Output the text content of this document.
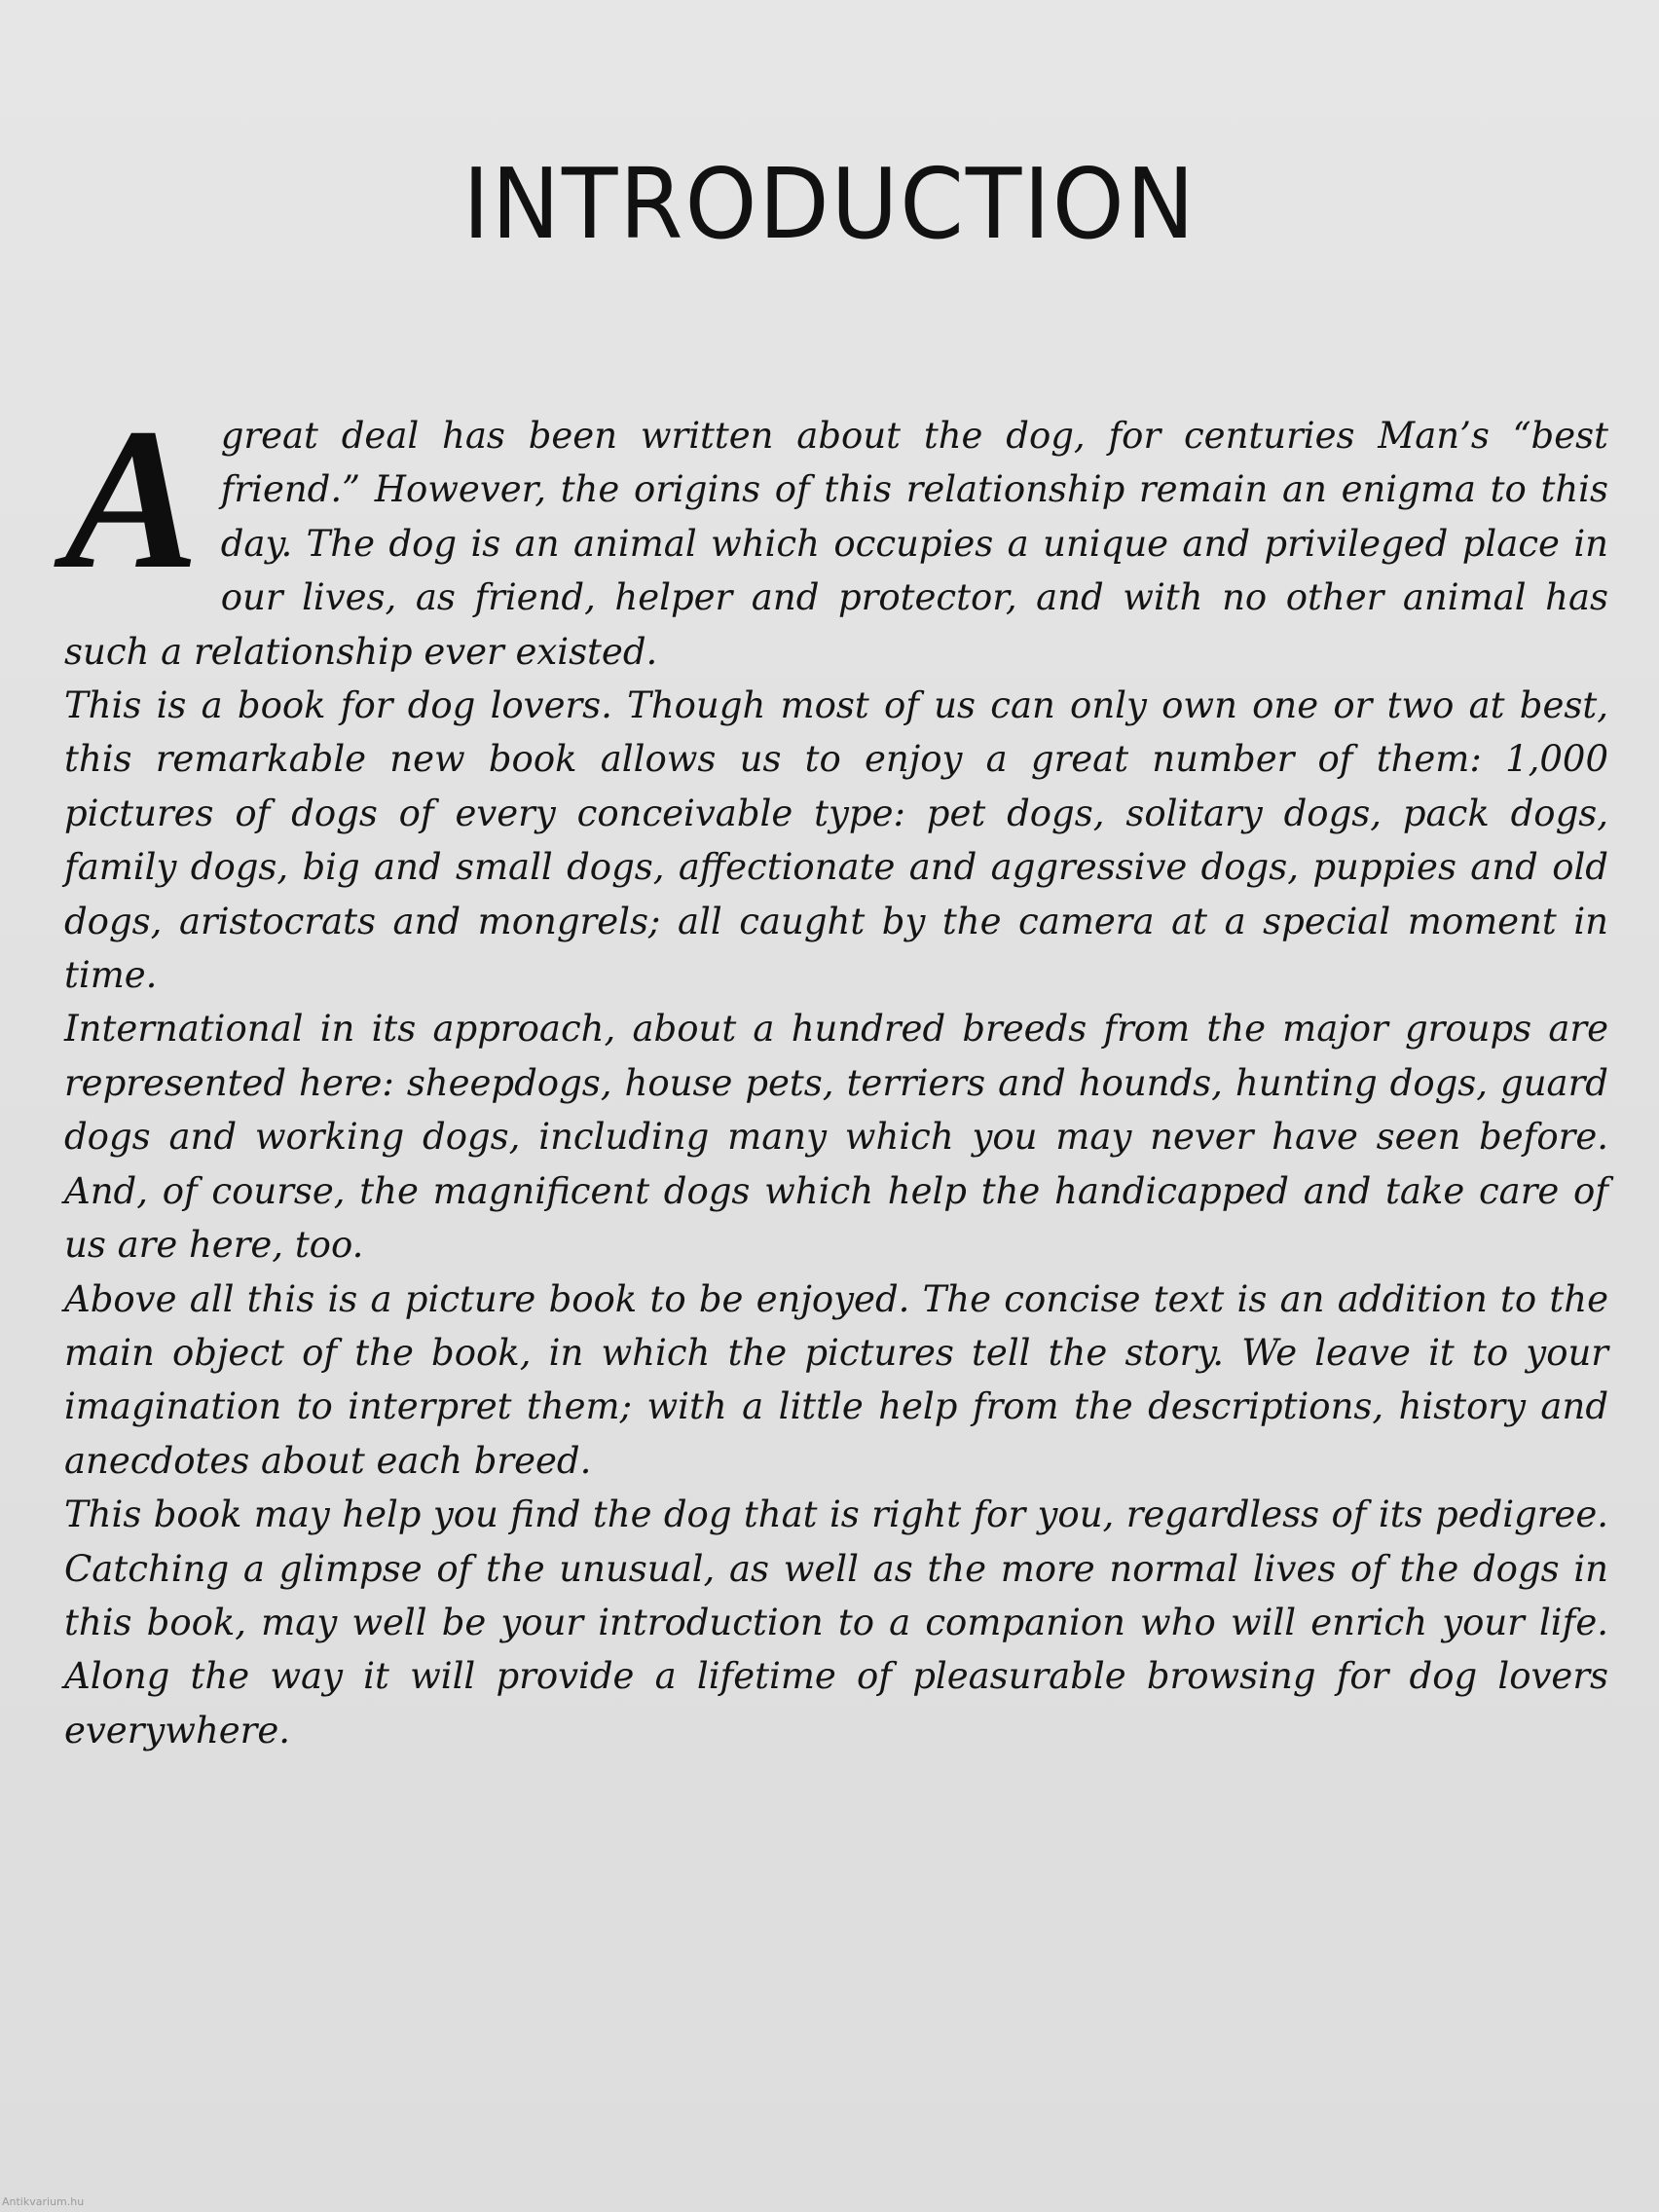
INTRODUCTION

Agreat deal has been written about the dog, for centuries Man’s “best friend.” However, the origins of this relationship remain an enigma to this day. The dog is an animal which occupies a unique and privileged place in our lives, as friend, helper and protector, and with no other animal has such a relationship ever existed.

This is a book for dog lovers. Though most of us can only own one or two at best, this remarkable new book allows us to enjoy a great number of them: 1,000 pictures of dogs of every conceivable type: pet dogs, solitary dogs, pack dogs, family dogs, big and small dogs, affectionate and aggressive dogs, puppies and old dogs, aristocrats and mongrels; all caught by the camera at a special moment in time.

International in its approach, about a hundred breeds from the major groups are represented here: sheepdogs, house pets, terriers and hounds, hunting dogs, guard dogs and working dogs, including many which you may never have seen before. And, of course, the magnificent dogs which help the handicapped and take care of us are here, too.

Above all this is a picture book to be enjoyed. The concise text is an addition to the main object of the book, in which the pictures tell the story. We leave it to your imagination to interpret them; with a little help from the descriptions, history and anecdotes about each breed.

This book may help you find the dog that is right for you, regardless of its pedigree. Catching a glimpse of the unusual, as well as the more normal lives of the dogs in this book, may well be your introduction to a companion who will enrich your life. Along the way it will provide a lifetime of pleasurable browsing for dog lovers everywhere.

Antikvarium.hu
